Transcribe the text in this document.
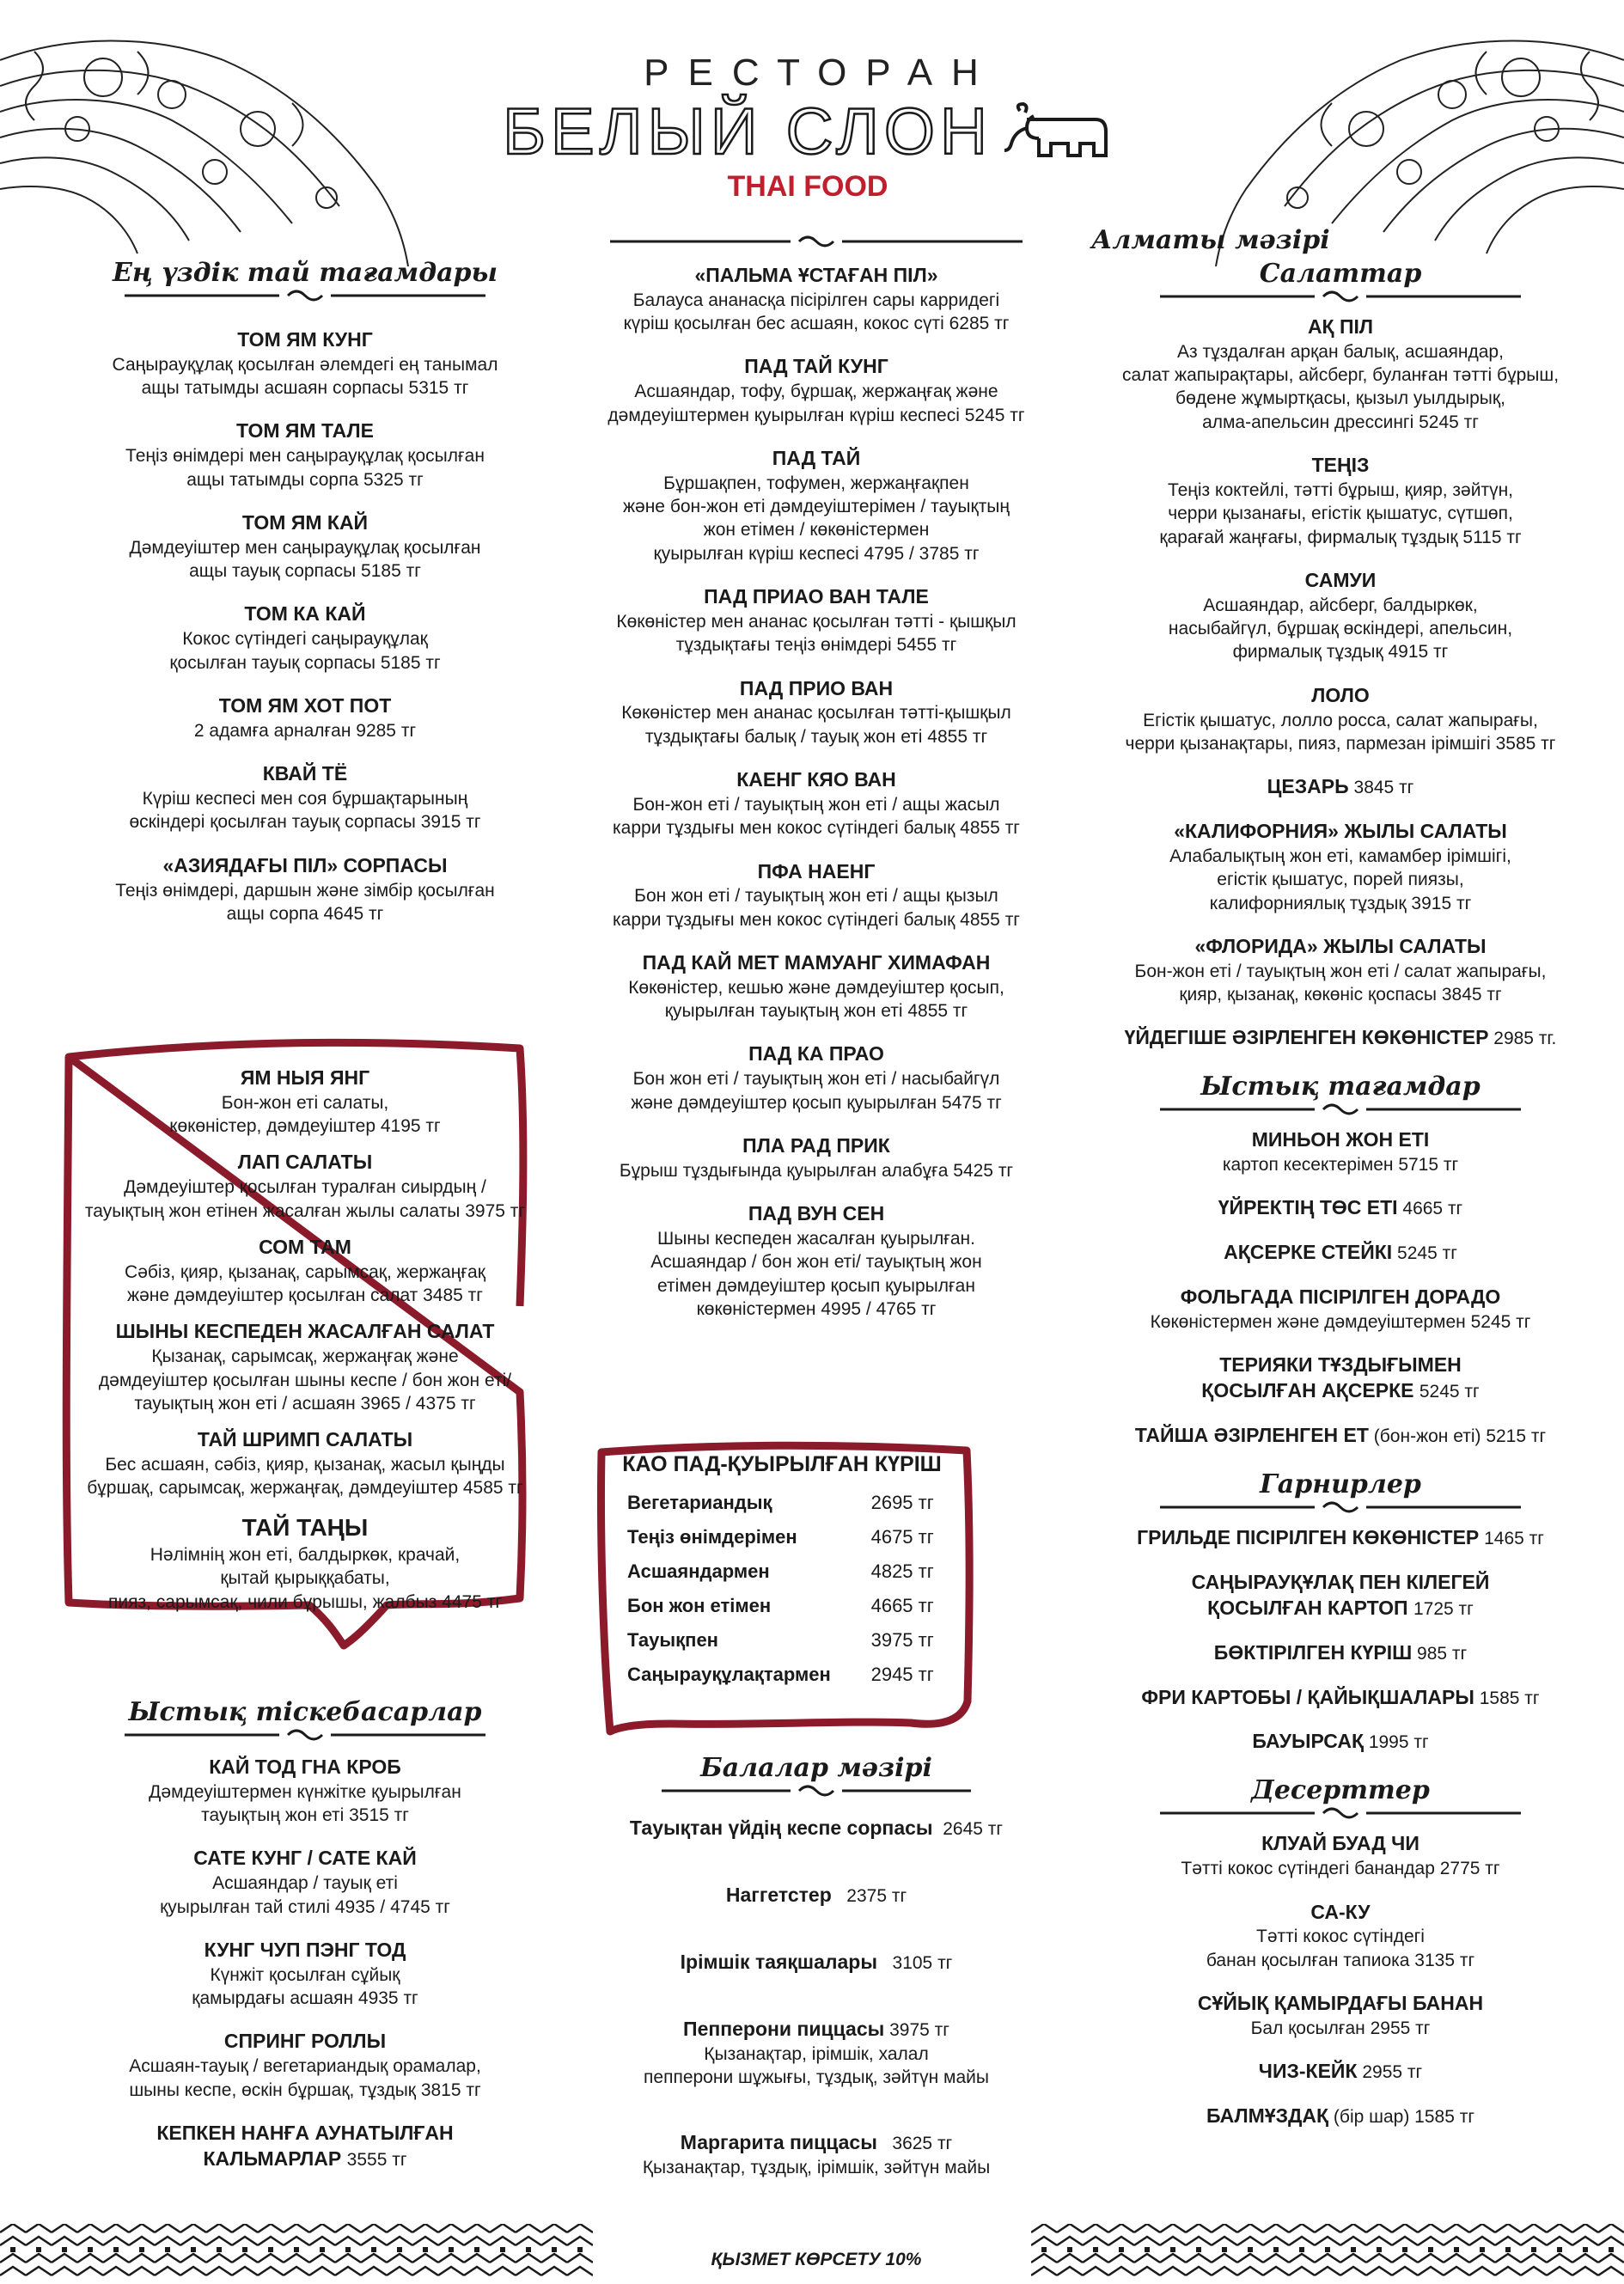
РЕСТОРАН
БЕЛЫЙ СЛОН
THAI FOOD
Ең үздік тай тағамдары
ТОМ ЯМ КУНГ
Саңырауқұлақ қосылған әлемдегі ең танымал
ащы татымды асшаян сорпасы 5315 тг
ТОМ ЯМ ТАЛЕ
Теңіз өнімдері мен саңырауқұлақ қосылған
ащы татымды сорпа 5325 тг
ТОМ ЯМ КАЙ
Дәмдеуіштер мен саңырауқұлақ қосылған
ащы тауық сорпасы 5185 тг
ТОМ КА КАЙ
Кокос сүтіндегі саңырауқұлақ
қосылған тауық сорпасы 5185 тг
ТОМ ЯМ ХОТ ПОТ
2 адамға арналған 9285 тг
КВАЙ ТЁ
Күріш кеспесі мен соя бұршақтарының
өскіндері қосылған тауық сорпасы 3915 тг
«АЗИЯДАҒЫ ПІЛ» СОРПАСЫ
Теңіз өнімдері, даршын және зімбір қосылған
ащы сорпа 4645 тг
ЯМ НЫЯ ЯНГ
Бон-жон еті салаты,
көкөністер, дәмдеуіштер 4195 тг
ЛАП САЛАТЫ
Дәмдеуіштер қосылған туралған сиырдың /
тауықтың жон етінен жасалған жылы салаты 3975 тг
СОМ ТАМ
Сәбіз, қияр, қызанақ, сарымсақ, жержаңғақ
және дәмдеуіштер қосылған салат 3485 тг
ШЫНЫ КЕСПЕДЕН ЖАСАЛҒАН САЛАТ
Қызанақ, сарымсақ, жержаңғақ және
дәмдеуіштер қосылған шыны кеспе / бон жон еті/
тауықтың жон еті / асшаян 3965 / 4375 тг
ТАЙ ШРИМП САЛАТЫ
Бес асшаян, сәбіз, қияр, қызанақ, жасыл қыңды
бұршақ, сарымсақ, жержаңғақ, дәмдеуіштер 4585 тг
ТАЙ ТАҢЫ
Нәлімнің жон еті, балдыркөк, крачай,
қытай қырыққабаты,
пияз, сарымсақ, чили бұрышы, жалбыз 4475 тг
Ыстық тіскебасарлар
КАЙ ТОД ГНА КРОБ
Дәмдеуіштермен күнжітке қуырылған
тауықтың жон еті 3515 тг
САТЕ КУНГ / САТЕ КАЙ
Асшаяндар / тауық еті
қуырылған тай стилі 4935 / 4745 тг
КУНГ ЧУП ПЭНГ ТОД
Күнжіт қосылған сұйық
қамырдағы асшаян 4935 тг
СПРИНГ РОЛЛЫ
Асшаян-тауық / вегетариандық орамалар,
шыны кеспе, өскін бұршақ, тұздық 3815 тг
КЕПКЕН НАНҒА АУНАТЫЛҒАН
КАЛЬМАРЛАР 3555 тг
«ПАЛЬМА ҰСТАҒАН ПІЛ»
Балауса ананасқа пісірілген сары карридегі
күріш қосылған бес асшаян, кокос сүті 6285 тг
ПАД ТАЙ КУНГ
Асшаяндар, тофу, бұршақ, жержаңғақ және
дәмдеуіштермен қуырылған күріш кеспесі 5245 тг
ПАД ТАЙ
Бұршақпен, тофумен, жержаңғақпен
және бон-жон еті дәмдеуіштерімен / тауықтың
жон етімен / көкөністермен
қуырылған күріш кеспесі 4795 / 3785 тг
ПАД ПРИАО ВАН ТАЛЕ
Көкөністер мен ананас қосылған тәтті - қышқыл
тұздықтағы теңіз өнімдері 5455 тг
ПАД ПРИО ВАН
Көкөністер мен ананас қосылған тәтті-қышқыл
тұздықтағы балық / тауық жон еті 4855 тг
КАЕНГ КЯО ВАН
Бон-жон еті / тауықтың жон еті / ащы жасыл
карри тұздығы мен кокос сүтіндегі балық 4855 тг
ПФА НАЕНГ
Бон жон еті / тауықтың жон еті / ащы қызыл
карри тұздығы мен кокос сүтіндегі балық 4855 тг
ПАД КАЙ МЕТ МАМУАНГ ХИМАФАН
Көкөністер, кешью және дәмдеуіштер қосып,
қуырылған тауықтың жон еті 4855 тг
ПАД КА ПРАО
Бон жон еті / тауықтың жон еті / насыбайгүл
және дәмдеуіштер қосып қуырылған 5475 тг
ПЛА РАД ПРИК
Бұрыш тұздығында қуырылған алабұға 5425 тг
ПАД ВУН СЕН
Шыны кеспеден жасалған қуырылған.
Асшаяндар / бон жон еті/ тауықтың жон
етімен дәмдеуіштер қосып қуырылған
көкөністермен 4995 / 4765 тг
КАО ПАД-ҚУЫРЫЛҒАН КҮРІШ
Вегетариандық	2695 тг
Теңіз өнімдерімен	4675 тг
Асшаяндармен	4825 тг
Бон жон етімен	4665 тг
Тауықпен	3975 тг
Саңырауқұлақтармен	2945 тг
Балалар мәзірі
Тауықтан үйдің кеспе сорпасы 2645 тг
Наггетстер 2375 тг
Ірімшік таяқшалары 3105 тг
Пепперони пиццасы 3975 тг
Қызанақтар, ірімшік, халал
пепперони шұжығы, тұздық, зәйтүн майы
Маргарита пиццасы 3625 тг
Қызанақтар, тұздық, ірімшік, зәйтүн майы
ҚЫЗМЕТ КӨРСЕТУ 10%
Алматы мәзірі
Салаттар
АҚ ПІЛ
Аз тұздалған арқан балық, асшаяндар,
салат жапырақтары, айсберг, буланған тәтті бұрыш,
бөдене жұмыртқасы, қызыл уылдырық,
алма-апельсин дрессингі 5245 тг
ТЕҢІЗ
Теңіз коктейлі, тәтті бұрыш, қияр, зәйтүн,
черри қызанағы, егістік қышатус, сүтшөп,
қарағай жаңғағы, фирмалық тұздық 5115 тг
САМУИ
Асшаяндар, айсберг, балдыркөк,
насыбайгүл, бұршақ өскіндері, апельсин,
фирмалық тұздық 4915 тг
ЛОЛО
Егістік қышатус, лолло росса, салат жапырағы,
черри қызанақтары, пияз, пармезан ірімшігі 3585 тг
ЦЕЗАРЬ 3845 тг
«КАЛИФОРНИЯ» ЖЫЛЫ САЛАТЫ
Алабалықтың жон еті, камамбер ірімшігі,
егістік қышатус, порей пиязы,
калифорниялық тұздық 3915 тг
«ФЛОРИДА» ЖЫЛЫ САЛАТЫ
Бон-жон еті / тауықтың жон еті / салат жапырағы,
қияр, қызанақ, көкөніс қоспасы 3845 тг
ҮЙДЕГІШЕ ӘЗІРЛЕНГЕН КӨКӨНІСТЕР 2985 тг.
Ыстық тағамдар
МИНЬОН ЖОН ЕТІ
картоп кесектерімен 5715 тг
ҮЙРЕКТІҢ ТӨС ЕТІ 4665 тг
АҚСЕРКЕ СТЕЙКІ 5245 тг
ФОЛЬГАДА ПІСІРІЛГЕН ДОРАДО
Көкөністермен және дәмдеуіштермен 5245 тг
ТЕРИЯКИ ТҰЗДЫҒЫМЕН
ҚОСЫЛҒАН АҚСЕРКЕ 5245 тг
ТАЙША ӘЗІРЛЕНГЕН ЕТ (бон-жон еті) 5215 тг
Гарнирлер
ГРИЛЬДЕ ПІСІРІЛГЕН КӨКӨНІСТЕР 1465 тг
САҢЫРАУҚҰЛАҚ ПЕН КІЛЕГЕЙ
ҚОСЫЛҒАН КАРТОП 1725 тг
БӨКТІРІЛГЕН КҮРІШ 985 тг
ФРИ КАРТОБЫ / ҚАЙЫҚШАЛАРЫ 1585 тг
БАУЫРСАҚ 1995 тг
Десерттер
КЛУАЙ БУАД ЧИ
Тәтті кокос сүтіндегі банандар 2775 тг
СА-КУ
Тәтті кокос сүтіндегі
банан қосылған тапиока 3135 тг
СҰЙЫҚ ҚАМЫРДАҒЫ БАНАН
Бал қосылған 2955 тг
ЧИЗ-КЕЙК 2955 тг
БАЛМҰЗДАҚ (бір шар) 1585 тг
